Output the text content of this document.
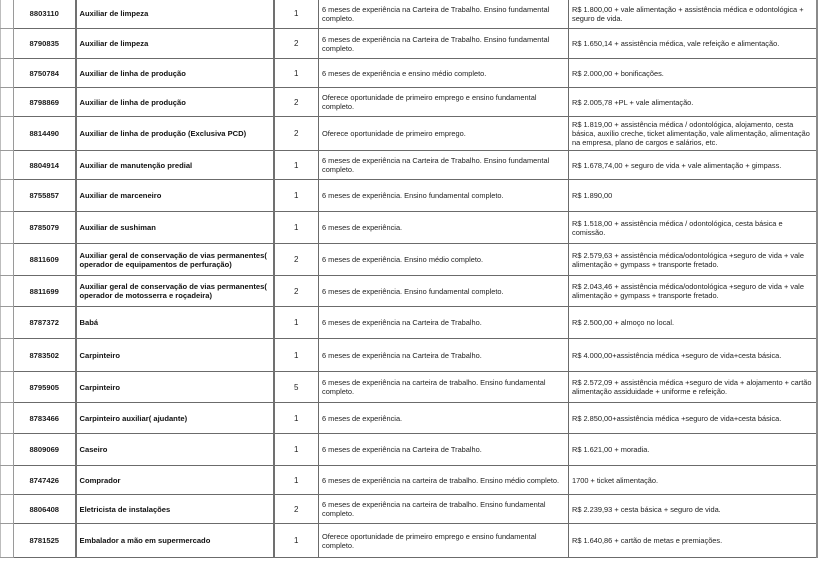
	8803110	Auxiliar de limpeza	1	6 meses de experiência na Carteira de Trabalho. Ensino fundamental completo.	R$ 1.800,00 + vale alimentação + assistência médica e odontológica + seguro de vida.
	8790835	Auxiliar de limpeza	2	6 meses de experiência na Carteira de Trabalho. Ensino fundamental completo.	R$ 1.650,14 + assistência médica, vale refeição e alimentação.
	8750784	Auxiliar de linha de produção	1	6 meses de experiência e ensino médio completo.	R$ 2.000,00 + bonificações.
	8798869	Auxiliar de linha de produção	2	Oferece oportunidade de primeiro emprego e ensino fundamental completo.	R$ 2.005,78 +PL + vale alimentação.
	8814490	Auxiliar de linha de produção (Exclusiva PCD)	2	Oferece oportunidade de primeiro emprego.	R$ 1.819,00 + assistência médica / odontológica, alojamento, cesta básica, auxílio creche, ticket alimentação, vale alimentação, alimentação na empresa, plano de cargos e salários, etc.
	8804914	Auxiliar de manutenção predial	1	6 meses de experiência na Carteira de Trabalho. Ensino fundamental completo.	R$ 1.678,74,00 + seguro de vida + vale alimentação + gimpass.
	8755857	Auxiliar de marceneiro	1	6 meses de experiência. Ensino fundamental completo.	R$ 1.890,00
	8785079	Auxiliar de sushiman	1	6 meses de experiência.	R$ 1.518,00 + assistência médica / odontológica, cesta básica e comissão.
	8811609	Auxiliar geral de conservação de vias permanentes( operador de equipamentos de perfuração)	2	6 meses de experiência. Ensino médio completo.	R$ 2.579,63 + assistência médica/odontológica +seguro de vida + vale alimentação + gympass + transporte fretado.
	8811699	Auxiliar geral de conservação de vias permanentes( operador de motosserra e roçadeira)	2	6 meses de experiência. Ensino fundamental completo.	R$ 2.043,46 + assistência médica/odontológica +seguro de vida + vale alimentação + gympass + transporte fretado.
	8787372	Babá	1	6 meses de experiência na Carteira de Trabalho.	R$ 2.500,00 + almoço no local.
	8783502	Carpinteiro	1	6 meses de experiência na Carteira de Trabalho.	R$ 4.000,00+assistência médica +seguro de vida+cesta básica.
	8795905	Carpinteiro	5	6 meses de experiência na carteira de trabalho. Ensino fundamental completo.	R$ 2.572,09 + assistência médica +seguro de vida + alojamento + cartão alimentação assiduidade + uniforme e refeição.
	8783466	Carpinteiro auxiliar( ajudante)	1	6 meses de experiência.	R$ 2.850,00+assistência médica +seguro de vida+cesta básica.
	8809069	Caseiro	1	6 meses de experiência na Carteira de Trabalho.	R$ 1.621,00 + moradia.
	8747426	Comprador	1	6 meses de experiência na carteira de trabalho. Ensino médio completo.	1700 + ticket alimentação.
	8806408	Eletricista de instalações	2	6 meses de experiência na carteira de trabalho. Ensino fundamental completo.	R$ 2.239,93 + cesta básica + seguro de vida.
	8781525	Embalador a mão em supermercado	1	Oferece oportunidade de primeiro emprego e ensino fundamental completo.	R$ 1.640,86 + cartão de metas e premiações.
